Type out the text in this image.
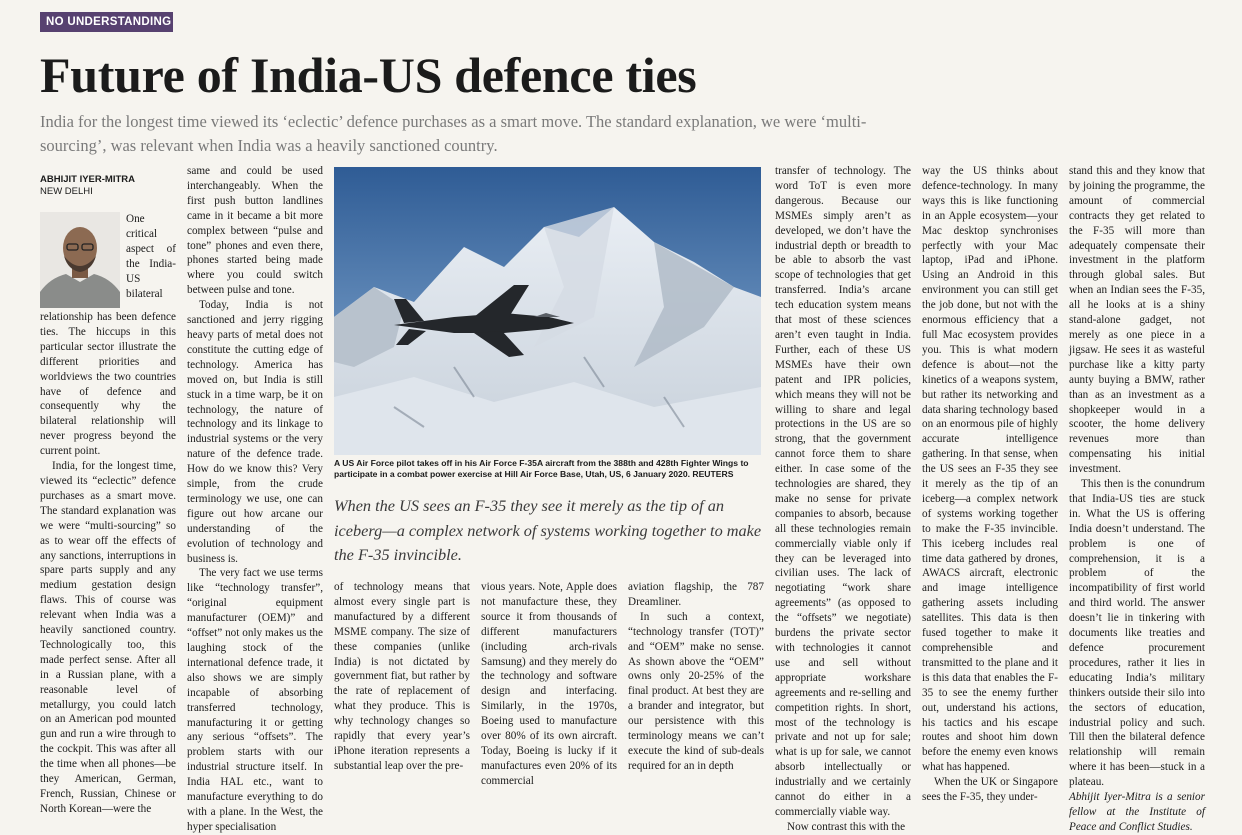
NO UNDERSTANDING
Future of India-US defence ties
India for the longest time viewed its ‘eclectic’ defence purchases as a smart move. The standard explanation, we were ‘multi-sourcing’, was relevant when India was a heavily sanctioned country.
ABHIJIT IYER-MITRA
NEW DELHI

One critical aspect of the India-US bilateral relationship has been defence ties. The hiccups in this particular sector illustrate the different priorities and worldviews the two countries have of defence and consequently why the bilateral relationship will never progress beyond the current point.

India, for the longest time, viewed its “eclectic” defence purchases as a smart move. The standard explanation was we were “multi-sourcing” so as to wear off the effects of any sanctions, interruptions in spare parts supply and any medium gestation design flaws. This of course was relevant when India was a heavily sanctioned country. Technologically too, this made perfect sense. After all in a Russian plane, with a reasonable level of metallurgy, you could latch on an American pod mounted gun and run a wire through to the cockpit. This was after all the time when all phones—be they American, German, French, Russian, Chinese or North Korean—were the

same and could be used interchangeably. When the first push button landlines came in it became a bit more complex between “pulse and tone” phones and even there, phones started being made where you could switch between pulse and tone.

Today, India is not sanctioned and jerry rigging heavy parts of metal does not constitute the cutting edge of technology. America has moved on, but India is still stuck in a time warp, be it on technology, the nature of technology and its linkage to industrial systems or the very nature of the defence trade. How do we know this? Very simple, from the crude terminology we use, one can figure out how arcane our understanding of the evolution of technology and business is.

The very fact we use terms like “technology transfer”, “original equipment manufacturer (OEM)” and “offset” not only makes us the laughing stock of the international defence trade, it also shows we are simply incapable of absorbing transferred technology, manufacturing it or getting any serious “offsets”. The problem starts with our industrial structure itself. In India HAL etc., want to manufacture everything to do with a plane. In the West, the hyper specialisation

A US Air Force pilot takes off in his Air Force F-35A aircraft from the 388th and 428th Fighter Wings to participate in a combat power exercise at Hill Air Force Base, Utah, US, 6 January 2020. REUTERS
When the US sees an F-35 they see it merely as the tip of an iceberg—a complex network of systems working together to make the F-35 invincible.

of technology means that almost every single part is manufactured by a different MSME company. The size of these companies (unlike India) is not dictated by government fiat, but rather by the rate of replacement of what they produce. This is why technology changes so rapidly that every year’s iPhone iteration represents a substantial leap over the pre-

vious years. Note, Apple does not manufacture these, they source it from thousands of different manufacturers (including arch-rivals Samsung) and they merely do the technology and software design and interfacing. Similarly, in the 1970s, Boeing used to manufacture over 80% of its own aircraft. Today, Boeing is lucky if it manufactures even 20% of its commercial

aviation flagship, the 787 Dreamliner.

In such a context, “technology transfer (TOT)” and “OEM” make no sense. As shown above the “OEM” owns only 20-25% of the final product. At best they are a brander and integrator, but our persistence with this terminology means we can’t execute the kind of sub-deals required for an in depth

transfer of technology. The word ToT is even more dangerous. Because our MSMEs simply aren’t as developed, we don’t have the industrial depth or breadth to be able to absorb the vast scope of technologies that get transferred. India’s arcane tech education system means that most of these sciences aren’t even taught in India. Further, each of these US MSMEs have their own patent and IPR policies, which means they will not be willing to share and legal protections in the US are so strong, that the government cannot force them to share either. In case some of the technologies are shared, they make no sense for private companies to absorb, because all these technologies remain commercially viable only if they can be leveraged into civilian uses. The lack of negotiating “work share agreements” (as opposed to the “offsets” we negotiate) burdens the private sector with technologies it cannot use and sell without appropriate workshare agreements and re-selling and competition rights. In short, most of the technology is private and not up for sale; what is up for sale, we cannot absorb intellectually or industrially and we certainly cannot do either in a commercially viable way.

Now contrast this with the

way the US thinks about defence-technology. In many ways this is like functioning in an Apple ecosystem—your Mac desktop synchronises perfectly with your Mac laptop, iPad and iPhone. Using an Android in this environment you can still get the job done, but not with the enormous efficiency that a full Mac ecosystem provides you. This is what modern defence is about—not the kinetics of a weapons system, but rather its networking and data sharing technology based on an enormous pile of highly accurate intelligence gathering. In that sense, when the US sees an F-35 they see it merely as the tip of an iceberg—a complex network of systems working together to make the F-35 invincible. This iceberg includes real time data gathered by drones, AWACS aircraft, electronic and image intelligence gathering assets including satellites. This data is then fused together to make it comprehensible and transmitted to the plane and it is this data that enables the F-35 to see the enemy further out, understand his actions, his tactics and his escape routes and shoot him down before the enemy even knows what has happened.

When the UK or Singapore sees the F-35, they under-

stand this and they know that by joining the programme, the amount of commercial contracts they get related to the F-35 will more than adequately compensate their investment in the platform through global sales. But when an Indian sees the F-35, all he looks at is a shiny stand-alone gadget, not merely as one piece in a jigsaw. He sees it as wasteful purchase like a kitty party aunty buying a BMW, rather than as an investment as a shopkeeper would in a scooter, the home delivery revenues more than compensating his initial investment.

This then is the conundrum that India-US ties are stuck in. What the US is offering India doesn’t understand. The problem is one of comprehension, it is a problem of the incompatibility of first world and third world. The answer doesn’t lie in tinkering with documents like treaties and defence procurement procedures, rather it lies in educating India’s military thinkers outside their silo into the sectors of education, industrial policy and such. Till then the bilateral defence relationship will remain where it has been—stuck in a plateau.

Abhijit Iyer-Mitra is a senior fellow at the Institute of Peace and Conflict Studies.
